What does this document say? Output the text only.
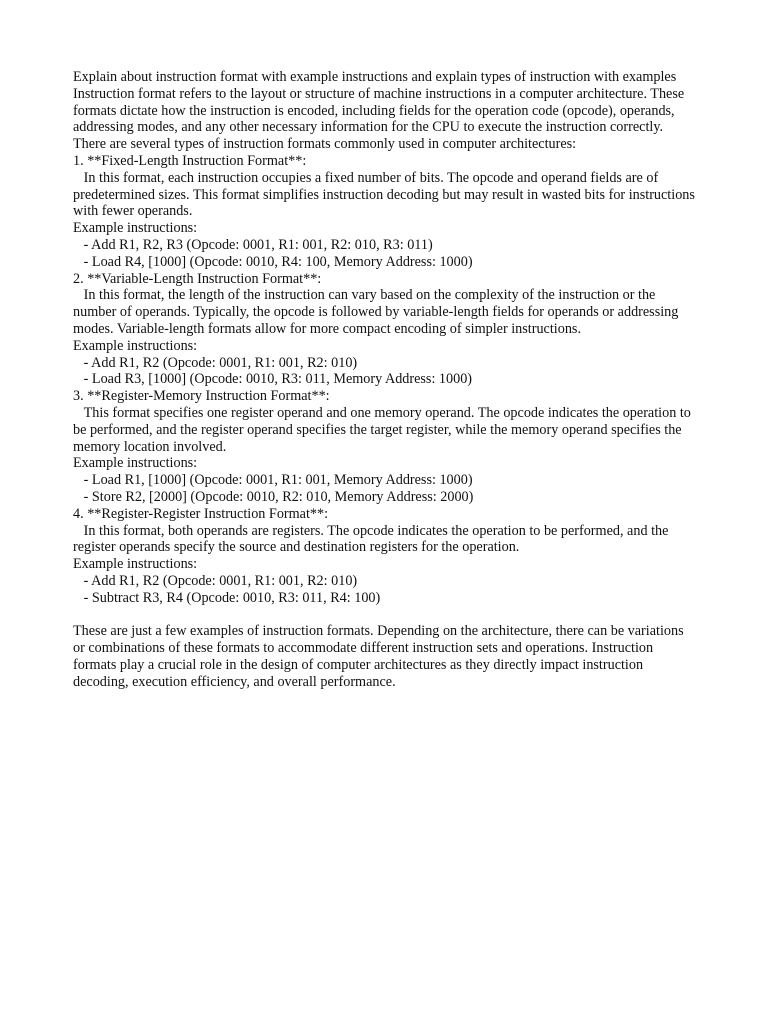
Explain about instruction format with example instructions and explain types of instruction with examples

Instruction format refers to the layout or structure of machine instructions in a computer architecture. These formats dictate how the instruction is encoded, including fields for the operation code (opcode), operands, addressing modes, and any other necessary information for the CPU to execute the instruction correctly.

There are several types of instruction formats commonly used in computer architectures:

1. **Fixed-Length Instruction Format**:

In this format, each instruction occupies a fixed number of bits. The opcode and operand fields are of predetermined sizes. This format simplifies instruction decoding but may result in wasted bits for instructions with fewer operands.

Example instructions:

- Add R1, R2, R3 (Opcode: 0001, R1: 001, R2: 010, R3: 011)

- Load R4, [1000] (Opcode: 0010, R4: 100, Memory Address: 1000)

2. **Variable-Length Instruction Format**:

In this format, the length of the instruction can vary based on the complexity of the instruction or the number of operands. Typically, the opcode is followed by variable-length fields for operands or addressing modes. Variable-length formats allow for more compact encoding of simpler instructions.

Example instructions:

- Add R1, R2 (Opcode: 0001, R1: 001, R2: 010)

- Load R3, [1000] (Opcode: 0010, R3: 011, Memory Address: 1000)

3. **Register-Memory Instruction Format**:

This format specifies one register operand and one memory operand. The opcode indicates the operation to be performed, and the register operand specifies the target register, while the memory operand specifies the memory location involved.

Example instructions:

- Load R1, [1000] (Opcode: 0001, R1: 001, Memory Address: 1000)

- Store R2, [2000] (Opcode: 0010, R2: 010, Memory Address: 2000)

4. **Register-Register Instruction Format**:

In this format, both operands are registers. The opcode indicates the operation to be performed, and the register operands specify the source and destination registers for the operation.

Example instructions:

- Add R1, R2 (Opcode: 0001, R1: 001, R2: 010)

- Subtract R3, R4 (Opcode: 0010, R3: 011, R4: 100)

These are just a few examples of instruction formats. Depending on the architecture, there can be variations or combinations of these formats to accommodate different instruction sets and operations. Instruction formats play a crucial role in the design of computer architectures as they directly impact instruction decoding, execution efficiency, and overall performance.
